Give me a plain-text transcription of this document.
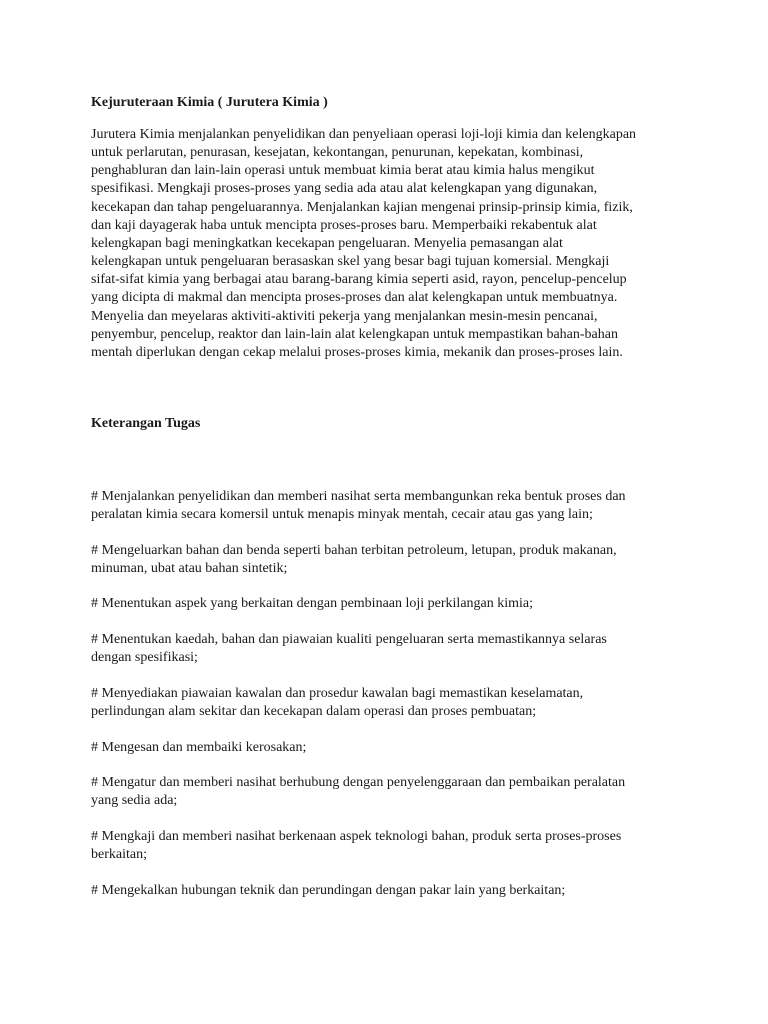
Kejuruteraan Kimia ( Jurutera Kimia )

Jurutera Kimia menjalankan penyelidikan dan penyeliaan operasi loji-loji kimia dan kelengkapan
untuk perlarutan, penurasan, kesejatan, kekontangan, penurunan, kepekatan, kombinasi,
penghabluran dan lain-lain operasi untuk membuat kimia berat atau kimia halus mengikut
spesifikasi. Mengkaji proses-proses yang sedia ada atau alat kelengkapan yang digunakan,
kecekapan dan tahap pengeluarannya. Menjalankan kajian mengenai prinsip-prinsip kimia, fizik,
dan kaji dayagerak haba untuk mencipta proses-proses baru. Memperbaiki rekabentuk alat
kelengkapan bagi meningkatkan kecekapan pengeluaran. Menyelia pemasangan alat
kelengkapan untuk pengeluaran berasaskan skel yang besar bagi tujuan komersial. Mengkaji
sifat-sifat kimia yang berbagai atau barang-barang kimia seperti asid, rayon, pencelup-pencelup
yang dicipta di makmal dan mencipta proses-proses dan alat kelengkapan untuk membuatnya.
Menyelia dan meyelaras aktiviti-aktiviti pekerja yang menjalankan mesin-mesin pencanai,
penyembur, pencelup, reaktor dan lain-lain alat kelengkapan untuk mempastikan bahan-bahan
mentah diperlukan dengan cekap melalui proses-proses kimia, mekanik dan proses-proses lain.

Keterangan Tugas

# Menjalankan penyelidikan dan memberi nasihat serta membangunkan reka bentuk proses dan
peralatan kimia secara komersil untuk menapis minyak mentah, cecair atau gas yang lain;

# Mengeluarkan bahan dan benda seperti bahan terbitan petroleum, letupan, produk makanan,
minuman, ubat atau bahan sintetik;

# Menentukan aspek yang berkaitan dengan pembinaan loji perkilangan kimia;

# Menentukan kaedah, bahan dan piawaian kualiti pengeluaran serta memastikannya selaras
dengan spesifikasi;

# Menyediakan piawaian kawalan dan prosedur kawalan bagi memastikan keselamatan,
perlindungan alam sekitar dan kecekapan dalam operasi dan proses pembuatan;

# Mengesan dan membaiki kerosakan;

# Mengatur dan memberi nasihat berhubung dengan penyelenggaraan dan pembaikan peralatan
yang sedia ada;

# Mengkaji dan memberi nasihat berkenaan aspek teknologi bahan, produk serta proses-proses
berkaitan;

# Mengekalkan hubungan teknik dan perundingan dengan pakar lain yang berkaitan;
